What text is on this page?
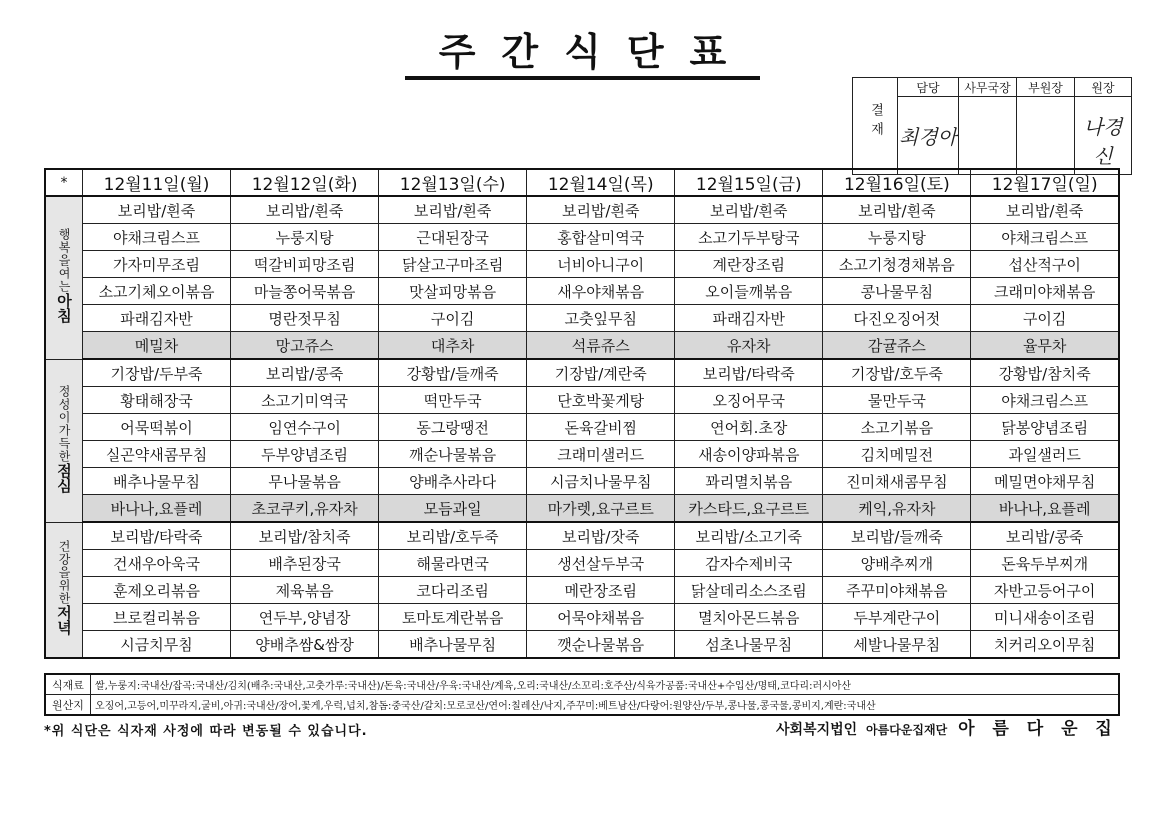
주간식단표
결재	담당	사무국장	부원장	원장
	최경아			나경신
*	12월11일(월)	12월12일(화)	12월13일(수)	12월14일(목)	12월15일(금)	12월16일(토)	12월17일(일)
행복을여는아침	보리밥/흰죽	보리밥/흰죽	보리밥/흰죽	보리밥/흰죽	보리밥/흰죽	보리밥/흰죽	보리밥/흰죽
	야채크림스프	누룽지탕	근대된장국	홍합살미역국	소고기두부탕국	누룽지탕	야채크림스프
	가자미무조림	떡갈비피망조림	닭살고구마조림	너비아니구이	계란장조림	소고기청경채볶음	섭산적구이
	소고기체오이볶음	마늘쫑어묵볶음	맛살피망볶음	새우야채볶음	오이들깨볶음	콩나물무침	크래미야채볶음
	파래김자반	명란젓무침	구이김	고춧잎무침	파래김자반	다진오징어젓	구이김
	메밀차	망고쥬스	대추차	석류쥬스	유자차	감귤쥬스	율무차
정성이가득한점심	기장밥/두부죽	보리밥/콩죽	강황밥/들깨죽	기장밥/계란죽	보리밥/타락죽	기장밥/호두죽	강황밥/참치죽
	황태해장국	소고기미역국	떡만두국	단호박꽃게탕	오징어무국	물만두국	야채크림스프
	어묵떡볶이	임연수구이	동그랑땡전	돈육갈비찜	연어회.초장	소고기볶음	닭봉양념조림
	실곤약새콤무침	두부양념조림	깨순나물볶음	크래미샐러드	새송이양파볶음	김치메밀전	과일샐러드
	배추나물무침	무나물볶음	양배추사라다	시금치나물무침	꽈리멸치볶음	진미채새콤무침	메밀면야채무침
	바나나,요플레	초코쿠키,유자차	모듬과일	마가렛,요구르트	카스타드,요구르트	케익,유자차	바나나,요플레
건강을위한저녁	보리밥/타락죽	보리밥/참치죽	보리밥/호두죽	보리밥/잣죽	보리밥/소고기죽	보리밥/들깨죽	보리밥/콩죽
	건새우아욱국	배추된장국	해물라면국	생선살두부국	감자수제비국	양배추찌개	돈육두부찌개
	훈제오리볶음	제육볶음	코다리조림	메란장조림	닭살데리소스조림	주꾸미야채볶음	자반고등어구이
	브로컬리볶음	연두부,양념장	토마토계란볶음	어묵야채볶음	멸치아몬드볶음	두부계란구이	미니새송이조림
	시금치무침	양배추쌈&쌈장	배추나물무침	깻순나물볶음	섬초나물무침	세발나물무침	치커리오이무침
식재료	쌀,누룽지:국내산/잡곡:국내산/김치(배추:국내산,고춧가루:국내산)/돈육:국내산/우육:국내산/계육,오리:국내산/소꼬리:호주산/식육가공품:국내산+수입산/명태,코다리:러시아산
원산지	오징어,고등어,미꾸라지,굴비,아귀:국내산/장어,꽃게,우럭,넙치,참돔:중국산/갈치:모로코산/연어:칠레산/낙지,주꾸미:베트남산/다랑어:원양산/두부,콩나물,콩국물,콩비지,계란:국내산
*위 식단은 식자재 사정에 따라 변동될 수 있습니다.	사회복지법인 아름다운집재단 아 름 다 운 집
